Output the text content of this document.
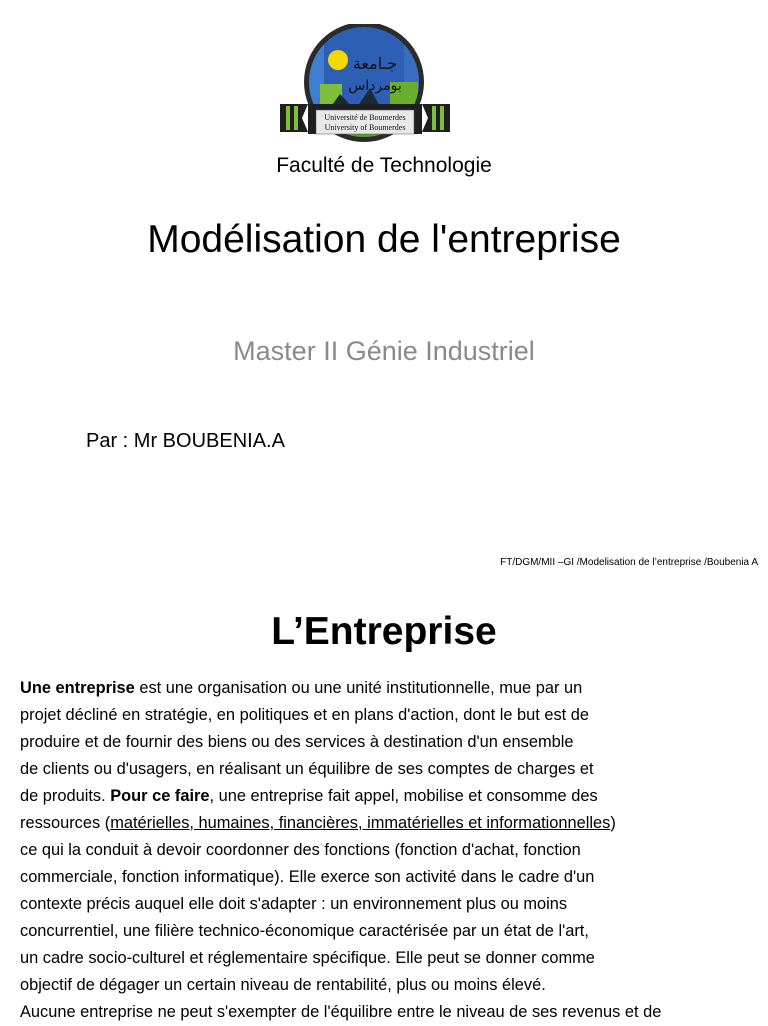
جـامعة
بومرداس
Université de Boumerdes
University of Boumerdes
Faculté de Technologie
Modélisation de l'entreprise
Master II Génie Industriel
Par : Mr BOUBENIA.A
FT/DGM/MII –GI /Modelisation de l’entreprise /Boubenia A
L’Entreprise
Une entreprise est une organisation ou une unité institutionnelle, mue par un
projet décliné en stratégie, en politiques et en plans d'action, dont le but est de
produire et de fournir des biens ou des services à destination d'un ensemble
de clients ou d'usagers, en réalisant un équilibre de ses comptes de charges et
de produits. Pour ce faire, une entreprise fait appel, mobilise et consomme des
ressources (matérielles, humaines, financières, immatérielles et informationnelles)
ce qui la conduit à devoir coordonner des fonctions (fonction d'achat, fonction
commerciale, fonction informatique). Elle exerce son activité dans le cadre d'un
contexte précis auquel elle doit s'adapter : un environnement plus ou moins
concurrentiel, une filière technico-économique caractérisée par un état de l'art,
un cadre socio-culturel et réglementaire spécifique. Elle peut se donner comme
objectif de dégager un certain niveau de rentabilité, plus ou moins élevé.
Aucune entreprise ne peut s'exempter de l'équilibre entre le niveau de ses revenus et de
